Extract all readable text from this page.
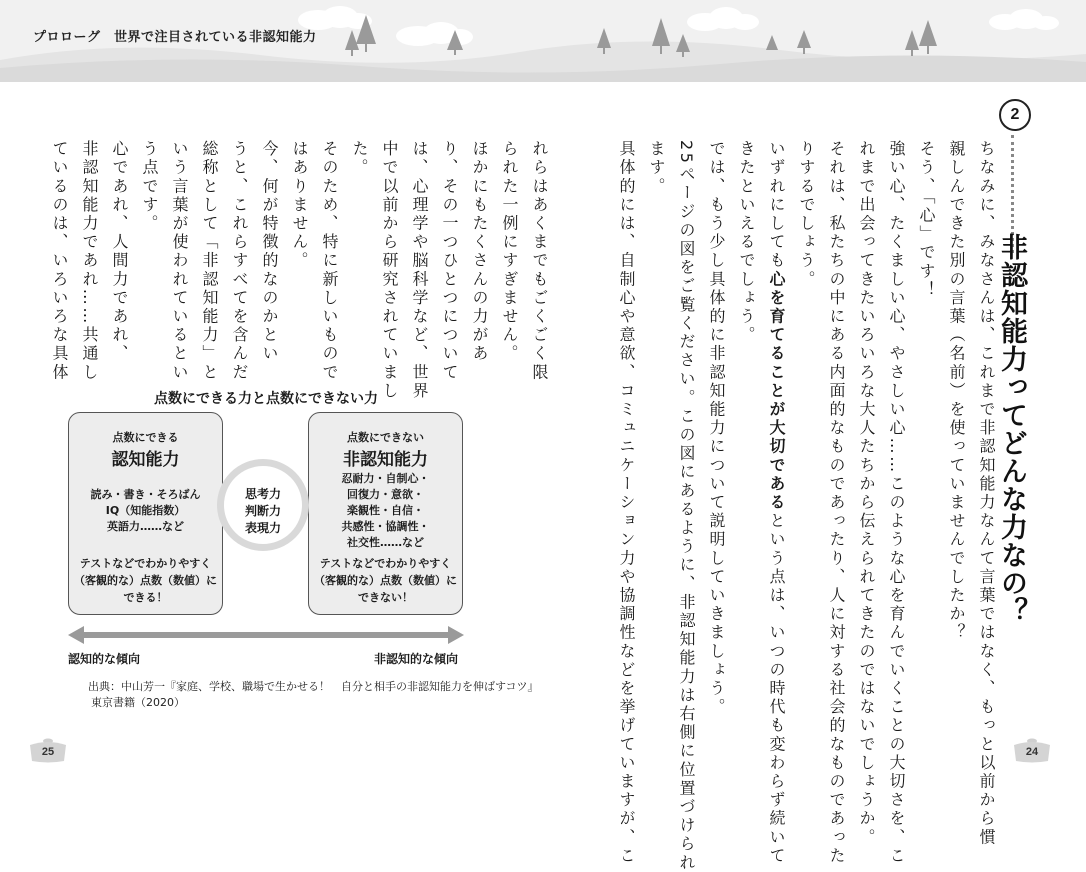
プロローグ　世界で注目されている非認知能力
2
非認知能力ってどんな力なの？

ちなみに、みなさんは、これまで非認知能力なんて言葉ではなく、もっと以前から慣
親しんできた別の言葉（名前）を使っていませんでしたか？
そう、「心」です！
強い心、たくましい心、やさしい心……このような心を育んでいくことの大切さを、こ
れまで出会ってきたいろいろな大人たちから伝えられてきたのではないでしょうか。
それは、私たちの中にある内面的なものであったり、人に対する社会的なものであった
りするでしょう。
いずれにしても心を育てることが大切であるという点は、いつの時代も変わらず続いて
きたといえるでしょう。
では、もう少し具体的に非認知能力について説明していきましょう。
25ページの図をご覧ください。この図にあるように、非認知能力は右側に位置づけられ
ます。
具体的には、自制心や意欲、コミュニケーション力や協調性などを挙げていますが、こ

れらはあくまでもごくごく限
られた一例にすぎません。
ほかにもたくさんの力があ
り、その一つひとつについて
は、心理学や脳科学など、世界
中で以前から研究されていまし
た。
そのため、特に新しいもので
はありません。
今、何が特徴的なのかとい
うと、これらすべてを含んだ
総称として「非認知能力」と
いう言葉が使われているとい
う点です。
心であれ、人間力であれ、
非認知能力であれ……共通し
ているのは、いろいろな具体
点数にできる力と点数にできない力
点数にできる
認知能力
読み・書き・そろばん
IQ（知能指数）
英語力……など
テストなどでわかりやすく
（客観的な）点数（数値）に
できる！
点数にできない
非認知能力
忍耐力・自制心・
回復力・意欲・
楽観性・自信・
共感性・協調性・
社交性……など
テストなどでわかりやすく
（客観的な）点数（数値）に
できない！
思考力
判断力
表現力
認知的な傾向	非認知的な傾向
出典：中山芳一『家庭、学校、職場で生かせる！　自分と相手の非認知能力を伸ばすコツ』
東京書籍（2020）
25	24
